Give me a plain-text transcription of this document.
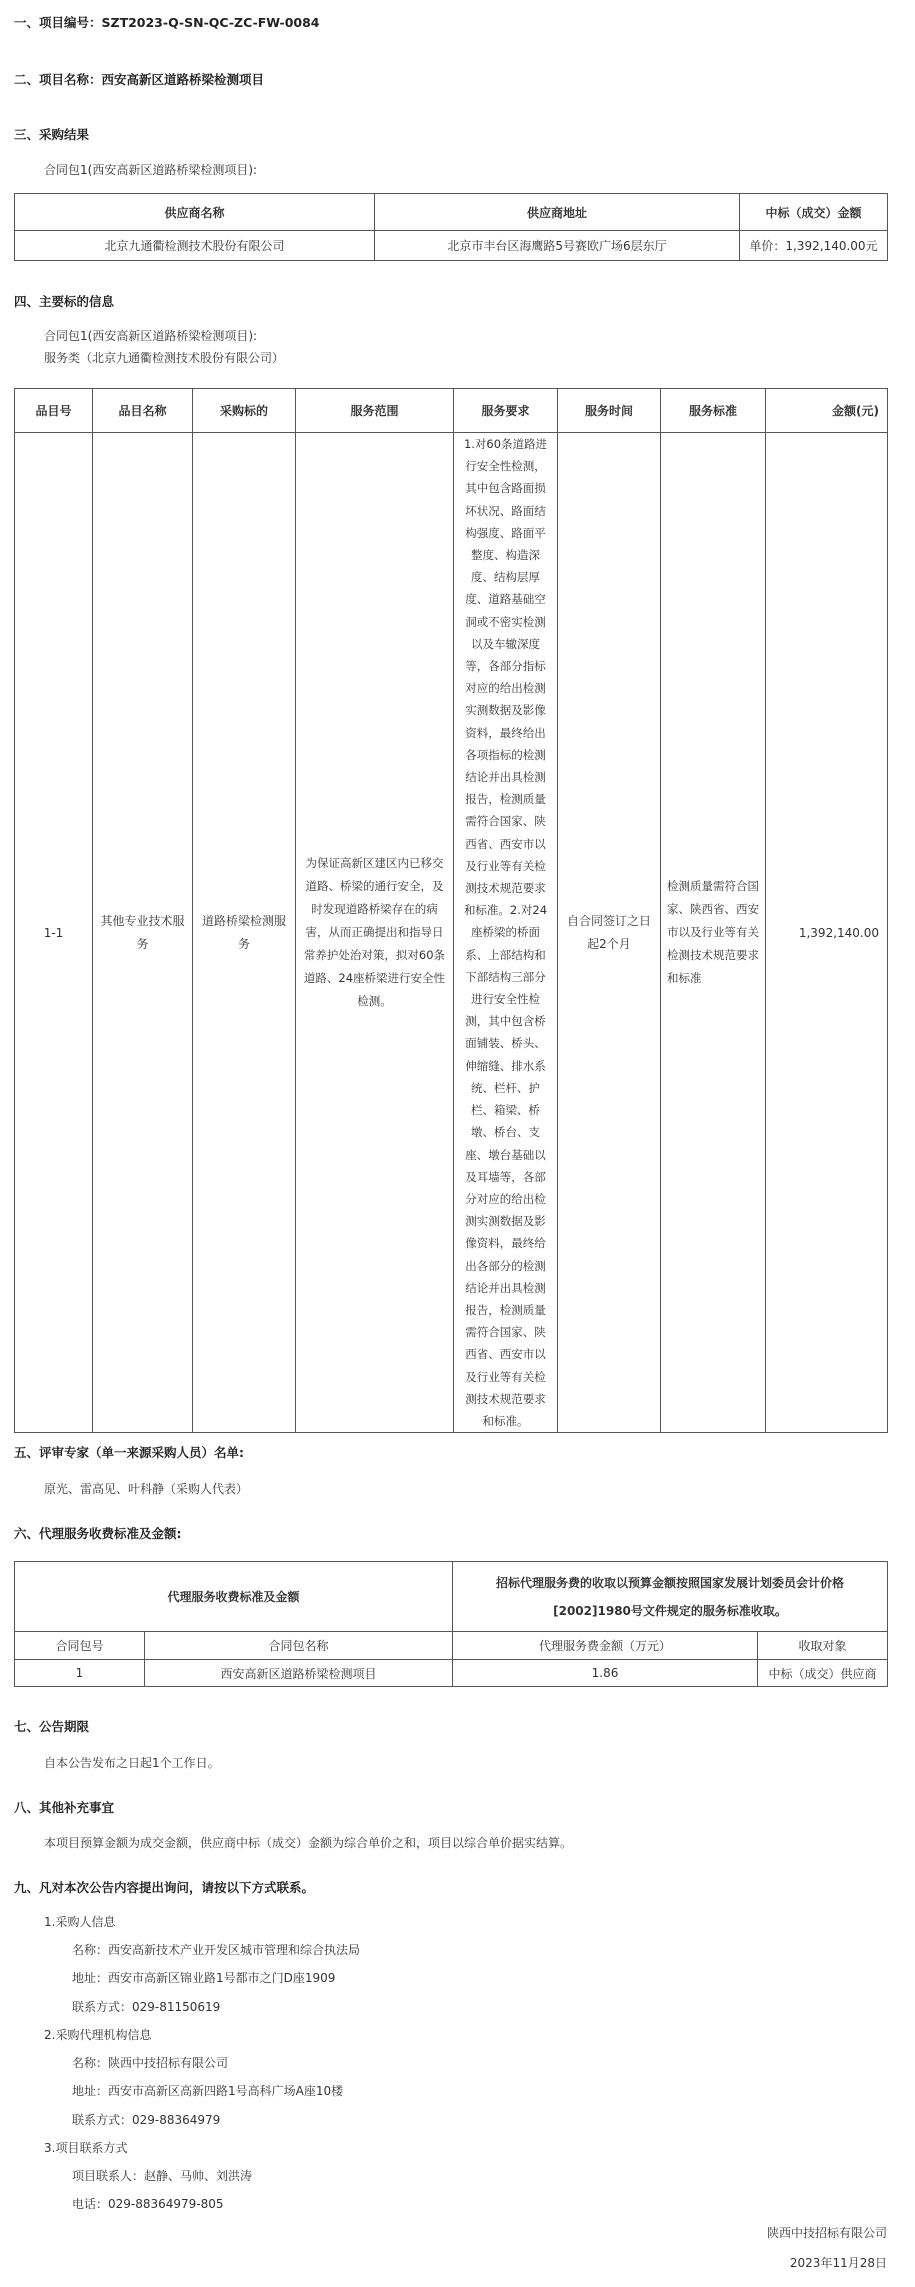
一、项目编号：SZT2023-Q-SN-QC-ZC-FW-0084
二、项目名称：西安高新区道路桥梁检测项目
三、采购结果
合同包1(西安高新区道路桥梁检测项目):
供应商名称	供应商地址	中标（成交）金额
北京九通衢检测技术股份有限公司	北京市丰台区海鹰路5号赛欧广场6层东厅	单价：1,392,140.00元
四、主要标的信息
合同包1(西安高新区道路桥梁检测项目):
服务类（北京九通衢检测技术股份有限公司）
品目号	品目名称	采购标的	服务范围	服务要求	服务时间	服务标准	金额(元)
1-1	其他专业技术服务	道路桥梁检测服务	为保证高新区建区内已移交道路、桥梁的通行安全，及时发现道路桥梁存在的病害，从而正确提出和指导日常养护处治对策，拟对60条道路、24座桥梁进行安全性检测。	1.对60条道路进行安全性检测，其中包含路面损坏状况、路面结构强度、路面平整度、构造深度、结构层厚度、道路基础空洞或不密实检测以及车辙深度等，各部分指标对应的给出检测实测数据及影像资料，最终给出各项指标的检测结论并出具检测报告，检测质量需符合国家、陕西省、西安市以及行业等有关检测技术规范要求和标准。2.对24座桥梁的桥面系、上部结构和下部结构三部分进行安全性检测，其中包含桥面铺装、桥头、伸缩缝、排水系统、栏杆、护栏、箱梁、桥墩、桥台、支座、墩台基础以及耳墙等，各部分对应的给出检测实测数据及影像资料，最终给出各部分的检测结论并出具检测报告，检测质量需符合国家、陕西省、西安市以及行业等有关检测技术规范要求和标准。	自合同签订之日起2个月	检测质量需符合国家、陕西省、西安市以及行业等有关检测技术规范要求和标准	1,392,140.00
五、评审专家（单一来源采购人员）名单:
原光、雷高见、叶科静（采购人代表）
六、代理服务收费标准及金额:
代理服务收费标准及金额		招标代理服务费的收取以预算金额按照国家发展计划委员会计价格[2002]1980号文件规定的服务标准收取。	
合同包号	合同包名称	代理服务费金额（万元）	收取对象
1	西安高新区道路桥梁检测项目	1.86	中标（成交）供应商
七、公告期限
自本公告发布之日起1个工作日。
八、其他补充事宜
本项目预算金额为成交金额，供应商中标（成交）金额为综合单价之和，项目以综合单价据实结算。
九、凡对本次公告内容提出询问，请按以下方式联系。
1.采购人信息
名称：西安高新技术产业开发区城市管理和综合执法局
地址：西安市高新区锦业路1号都市之门D座1909
联系方式：029-81150619
2.采购代理机构信息
名称：陕西中技招标有限公司
地址：西安市高新区高新四路1号高科广场A座10楼
联系方式：029-88364979
3.项目联系方式
项目联系人：赵静、马帅、刘洪涛
电话：029-88364979-805
陕西中技招标有限公司
2023年11月28日
